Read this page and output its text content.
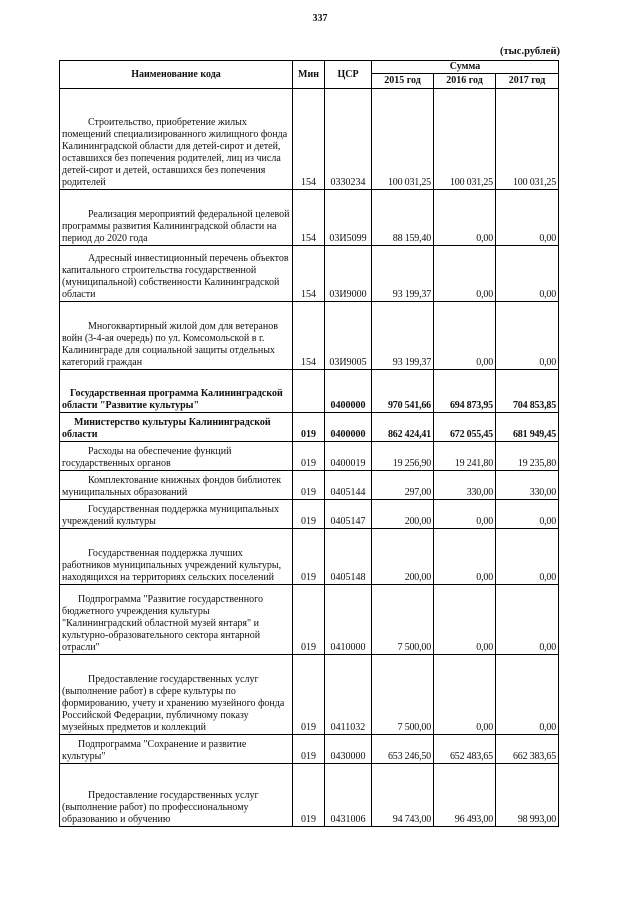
337
(тыс.рублей)
Наименование кода	Мин	ЦСР	Сумма		
			2015 год	2016 год	2017 год
Строительство, приобретение жилых помещений специализированного жилищного фонда Калининградской области для детей-сирот и детей, оставшихся без попечения родителей, лиц из числа детей-сирот и детей, оставшихся без попечения родителей	154	0330234	100 031,25	100 031,25	100 031,25
Реализация мероприятий федеральной целевой программы развития Калининградской области на период до 2020 года	154	03И5099	88 159,40	0,00	0,00
Адресный инвестиционный перечень объектов капитального строительства государственной (муниципальной) собственности Калининградской области	154	03И9000	93 199,37	0,00	0,00
Многоквартирный жилой дом для ветеранов войн (3-4-ая очередь) по ул. Комсомольской в г. Калининграде для социальной защиты отдельных категорий граждан	154	03И9005	93 199,37	0,00	0,00
Государственная программа Калининградской области "Развитие культуры"		0400000	970 541,66	694 873,95	704 853,85
Министерство культуры Калининградской области	019	0400000	862 424,41	672 055,45	681 949,45
Расходы на обеспечение функций государственных органов	019	0400019	19 256,90	19 241,80	19 235,80
Комплектование книжных фондов библиотек муниципальных образований	019	0405144	297,00	330,00	330,00
Государственная поддержка муниципальных учреждений культуры	019	0405147	200,00	0,00	0,00
Государственная поддержка лучших работников муниципальных учреждений культуры, находящихся на территориях сельских поселений	019	0405148	200,00	0,00	0,00
Подпрограмма "Развитие государственного бюджетного учреждения культуры "Калининградский областной музей янтаря" и культурно-образовательного сектора янтарной отрасли"	019	0410000	7 500,00	0,00	0,00
Предоставление государственных услуг (выполнение работ) в сфере культуры по формированию, учету и хранению музейного фонда Российской Федерации, публичному показу музейных предметов и коллекций	019	0411032	7 500,00	0,00	0,00
Подпрограмма "Сохранение и развитие культуры"	019	0430000	653 246,50	652 483,65	662 383,65
Предоставление государственных услуг (выполнение работ) по профессиональному образованию и обучению	019	0431006	94 743,00	96 493,00	98 993,00
